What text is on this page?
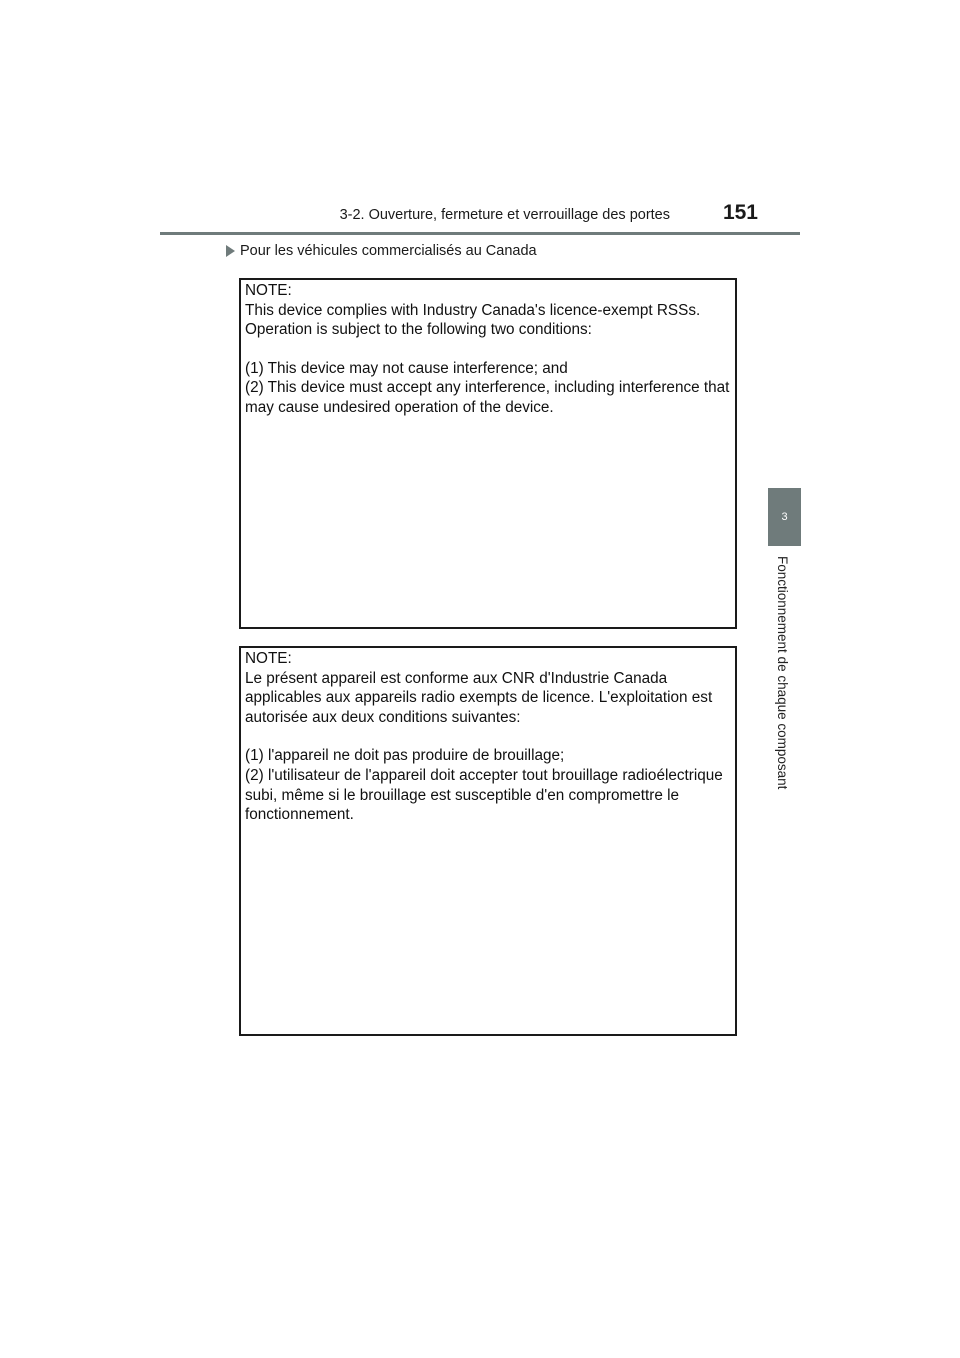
3-2. Ouverture, fermeture et verrouillage des portes	151
3
Fonctionnement de chaque composant
Pour les véhicules commercialisés au Canada

NOTE:

This device complies with Industry Canada's licence-exempt RSSs.

Operation is subject to the following two conditions:

(1) This device may not cause interference; and

(2) This device must accept any interference, including interference that

may cause undesired operation of the device.

NOTE:

Le présent appareil est conforme aux CNR d'Industrie Canada

applicables aux appareils radio exempts de licence. L'exploitation est

autorisée aux deux conditions suivantes:

(1) l'appareil ne doit pas produire de brouillage;

(2) l'utilisateur de l'appareil doit accepter tout brouillage radioélectrique

subi, même si le brouillage est susceptible d'en compromettre le

fonctionnement.
